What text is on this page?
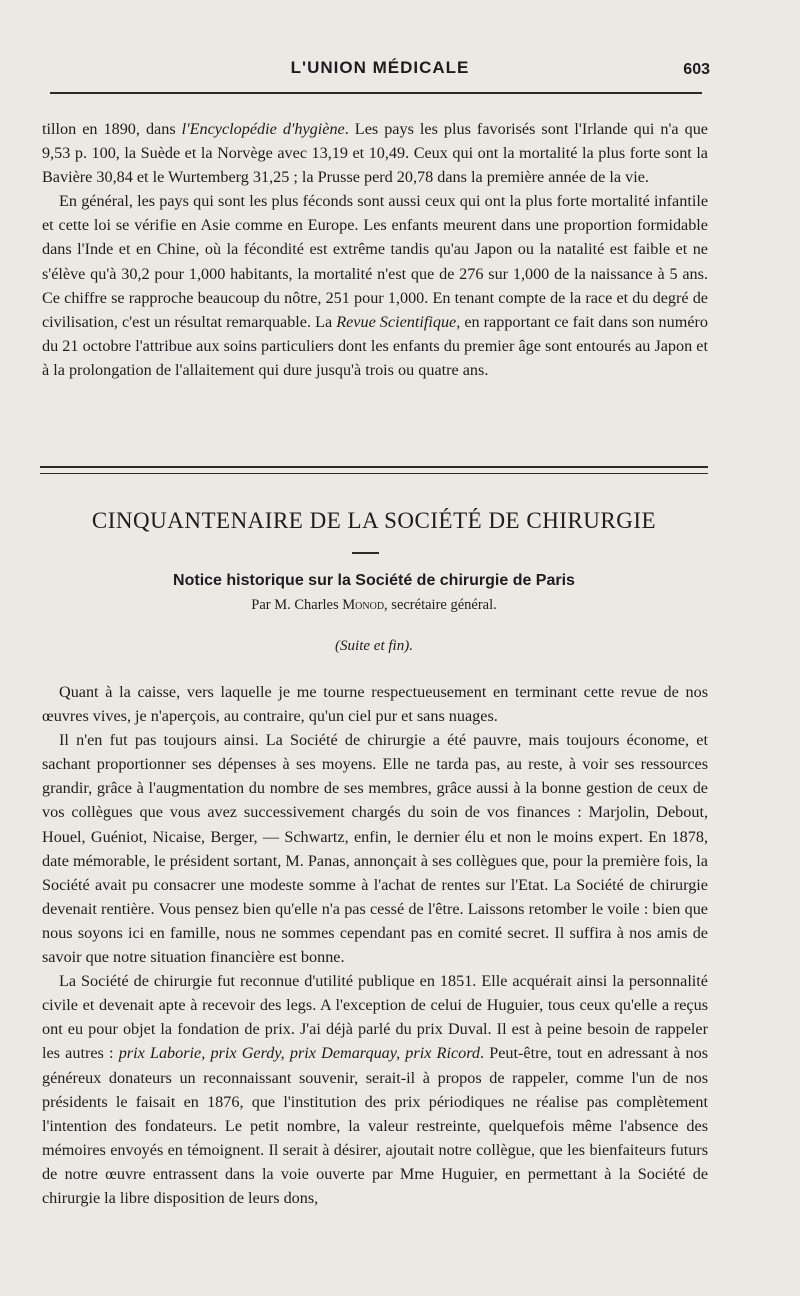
L'UNION MÉDICALE	603

tillon en 1890, dans l'Encyclopédie d'hygiène. Les pays les plus favorisés sont l'Irlande qui n'a que 9,53 p. 100, la Suède et la Norvège avec 13,19 et 10,49. Ceux qui ont la mortalité la plus forte sont la Bavière 30,84 et le Wurtemberg 31,25 ; la Prusse perd 20,78 dans la première année de la vie.

En général, les pays qui sont les plus féconds sont aussi ceux qui ont la plus forte mortalité infantile et cette loi se vérifie en Asie comme en Europe. Les enfants meurent dans une proportion formidable dans l'Inde et en Chine, où la fécondité est extrême tandis qu'au Japon ou la natalité est faible et ne s'élève qu'à 30,2 pour 1,000 habitants, la mortalité n'est que de 276 sur 1,000 de la naissance à 5 ans. Ce chiffre se rapproche beaucoup du nôtre, 251 pour 1,000. En tenant compte de la race et du degré de civilisation, c'est un résultat remarquable. La Revue Scientifique, en rapportant ce fait dans son numéro du 21 octobre l'attribue aux soins particuliers dont les enfants du premier âge sont entourés au Japon et à la prolongation de l'allaitement qui dure jusqu'à trois ou quatre ans.

CINQUANTENAIRE DE LA SOCIÉTÉ DE CHIRURGIE
Notice historique sur la Société de chirurgie de Paris
Par M. Charles Monod, secrétaire général.
(Suite et fin).

Quant à la caisse, vers laquelle je me tourne respectueusement en terminant cette revue de nos œuvres vives, je n'aperçois, au contraire, qu'un ciel pur et sans nuages.

Il n'en fut pas toujours ainsi. La Société de chirurgie a été pauvre, mais toujours économe, et sachant proportionner ses dépenses à ses moyens. Elle ne tarda pas, au reste, à voir ses ressources grandir, grâce à l'augmentation du nombre de ses membres, grâce aussi à la bonne gestion de ceux de vos collègues que vous avez successivement chargés du soin de vos finances : Marjolin, Debout, Houel, Guéniot, Nicaise, Berger, — Schwartz, enfin, le dernier élu et non le moins expert. En 1878, date mémorable, le président sortant, M. Panas, annonçait à ses collègues que, pour la première fois, la Société avait pu consacrer une modeste somme à l'achat de rentes sur l'Etat. La Société de chirurgie devenait rentière. Vous pensez bien qu'elle n'a pas cessé de l'être. Laissons retomber le voile : bien que nous soyons ici en famille, nous ne sommes cependant pas en comité secret. Il suffira à nos amis de savoir que notre situation financière est bonne.

La Société de chirurgie fut reconnue d'utilité publique en 1851. Elle acquérait ainsi la personnalité civile et devenait apte à recevoir des legs. A l'exception de celui de Huguier, tous ceux qu'elle a reçus ont eu pour objet la fondation de prix. J'ai déjà parlé du prix Duval. Il est à peine besoin de rappeler les autres : prix Laborie, prix Gerdy, prix Demarquay, prix Ricord. Peut-être, tout en adressant à nos généreux donateurs un reconnaissant souvenir, serait-il à propos de rappeler, comme l'un de nos présidents le faisait en 1876, que l'institution des prix périodiques ne réalise pas complètement l'intention des fondateurs. Le petit nombre, la valeur restreinte, quelquefois même l'absence des mémoires envoyés en témoignent. Il serait à désirer, ajoutait notre collègue, que les bienfaiteurs futurs de notre œuvre entrassent dans la voie ouverte par Mme Huguier, en permettant à la Société de chirurgie la libre disposition de leurs dons,
